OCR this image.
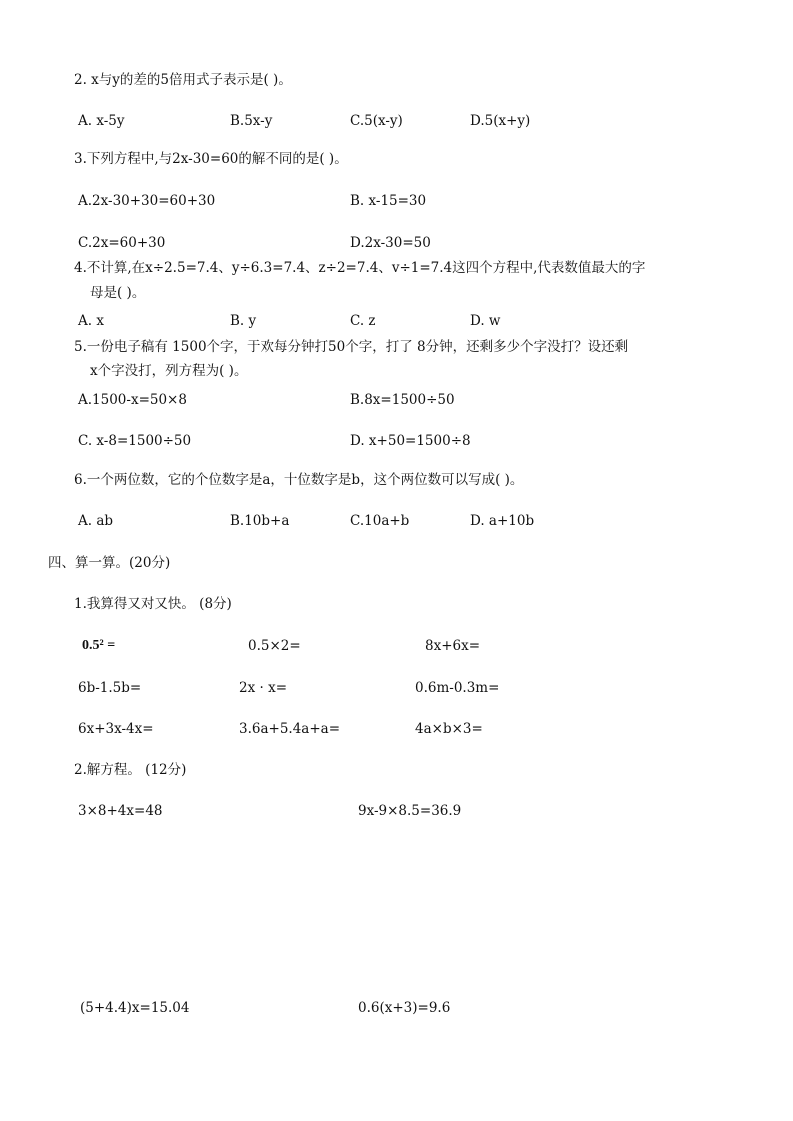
2. x与y的差的5倍用式子表示是( )。
A. x-5y	B.5x-y	C.5(x-y)	D.5(x+y)
3.下列方程中,与2x-30=60的解不同的是( )。
A.2x-30+30=60+30	B. x-15=30
C.2x=60+30	D.2x-30=50
4.不计算,在x÷2.5=7.4、y÷6.3=7.4、z÷2=7.4、v÷1=7.4这四个方程中,代表数值最大的字
母是( )。
A. x	B. y	C. z	D. w
5.一份电子稿有 1500个字，于欢每分钟打50个字，打了 8分钟，还剩多少个字没打？设还剩
x个字没打，列方程为( )。
A.1500-x=50×8	B.8x=1500÷50
C. x-8=1500÷50	D. x+50=1500÷8
6.一个两位数，它的个位数字是a，十位数字是b，这个两位数可以写成( )。
A. ab	B.10b+a	C.10a+b	D. a+10b
四、算一算。(20分)
1.我算得又对又快。 (8分)
0.5² =	0.5×2=	8x+6x=
6b-1.5b=	2x · x=	0.6m-0.3m=
6x+3x-4x=	3.6a+5.4a+a=	4a×b×3=
2.解方程。 (12分)
3×8+4x=48	9x-9×8.5=36.9
(5+4.4)x=15.04	0.6(x+3)=9.6
